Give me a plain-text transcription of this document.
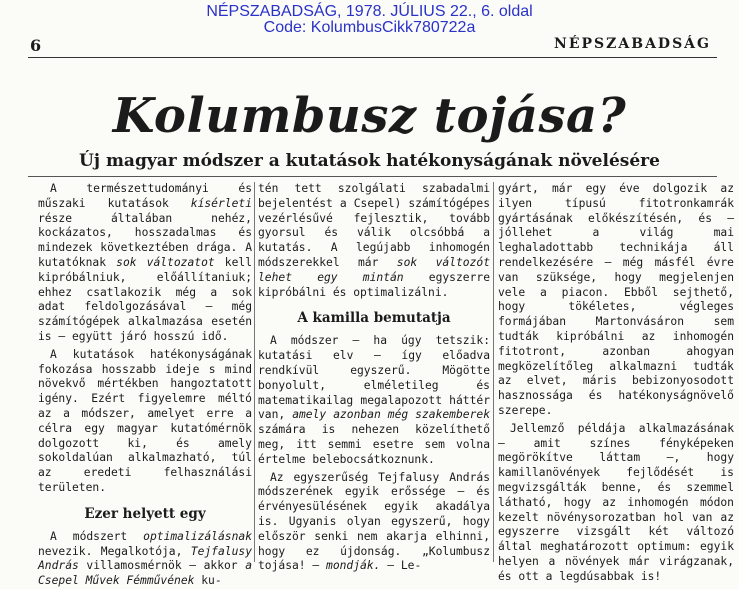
NÉPSZABADSÁG, 1978. JÚLIUS 22., 6. oldal
Code: KolumbusCikk780722a
6	NÉPSZABADSÁG
Kolumbusz tojása?
Új magyar módszer a kutatások hatékonyságának növelésére

A természettudományi és műszaki kutatások kísérleti része általában nehéz, kockázatos, hosszadalmas és mindezek következtében drága. A kutatóknak sok változatot kell kipróbálniuk, előállítaniuk; ehhez csatlakozik még a sok adat feldolgozásával — még számítógépek alkalmazása esetén is — együtt járó hosszú idő.

A kutatások hatékonyságának fokozása hosszabb ideje s mind növekvő mértékben hangoztatott igény. Ezért figyelemre méltó az a módszer, amelyet erre a célra egy magyar kutatómérnök dolgozott ki, és amely sokoldalúan alkalmazható, túl az eredeti felhasználási területen.

Ezer helyett egy

A módszert optimalizálásnak nevezik. Megalkotója, Tejfalusy András villamosmérnök — akkor a Csepel Művek Fémművének ku-

tén tett szolgálati szabadalmi bejelentést a Csepel) számítógépes vezérlésűvé fejlesztik, tovább gyorsul és válik olcsóbbá a kutatás. A legújabb inhomogén módszerekkel már sok változót lehet egy mintán egyszerre kipróbálni és optimalizálni.

A kamilla bemutatja

A módszer — ha úgy tetszik: kutatási elv — így előadva rendkívül egyszerű. Mögötte bonyolult, elméletileg és matematikailag megalapozott háttér van, amely azonban még szakemberek számára is nehezen közelíthető meg, itt semmi esetre sem volna értelme belebocsátkoznunk.

Az egyszerűség Tejfalusy András módszerének egyik erőssége — és érvényesülésének egyik akadálya is. Ugyanis olyan egyszerű, hogy először senki nem akarja elhinni, hogy ez újdonság. „Kolumbusz tojása! — mondják. — Le-

gyárt, már egy éve dolgozik az ilyen típusú fitotronkamrák gyártásának előkészítésén, és — jóllehet a világ mai leghaladottabb technikája áll rendelkezésére — még másfél évre van szüksége, hogy megjelenjen vele a piacon. Ebből sejthető, hogy tökéletes, végleges formájában Martonvásáron sem tudták kipróbálni az inhomogén fitotront, azonban ahogyan megközelítőleg alkalmazni tudták az elvet, máris bebizonyosodott hasznossága és hatékonyságnövelő szerepe.

Jellemző példája alkalmazásának — amit színes fényképeken megörökítve láttam —, hogy kamillanövények fejlődését is megvizsgálták benne, és szemmel látható, hogy az inhomogén módon kezelt növénysorozatban hol van az egyszerre vizsgált két változó által meghatározott optimum: egyik helyen a növények már virágzanak, és ott a legdúsabbak is!
